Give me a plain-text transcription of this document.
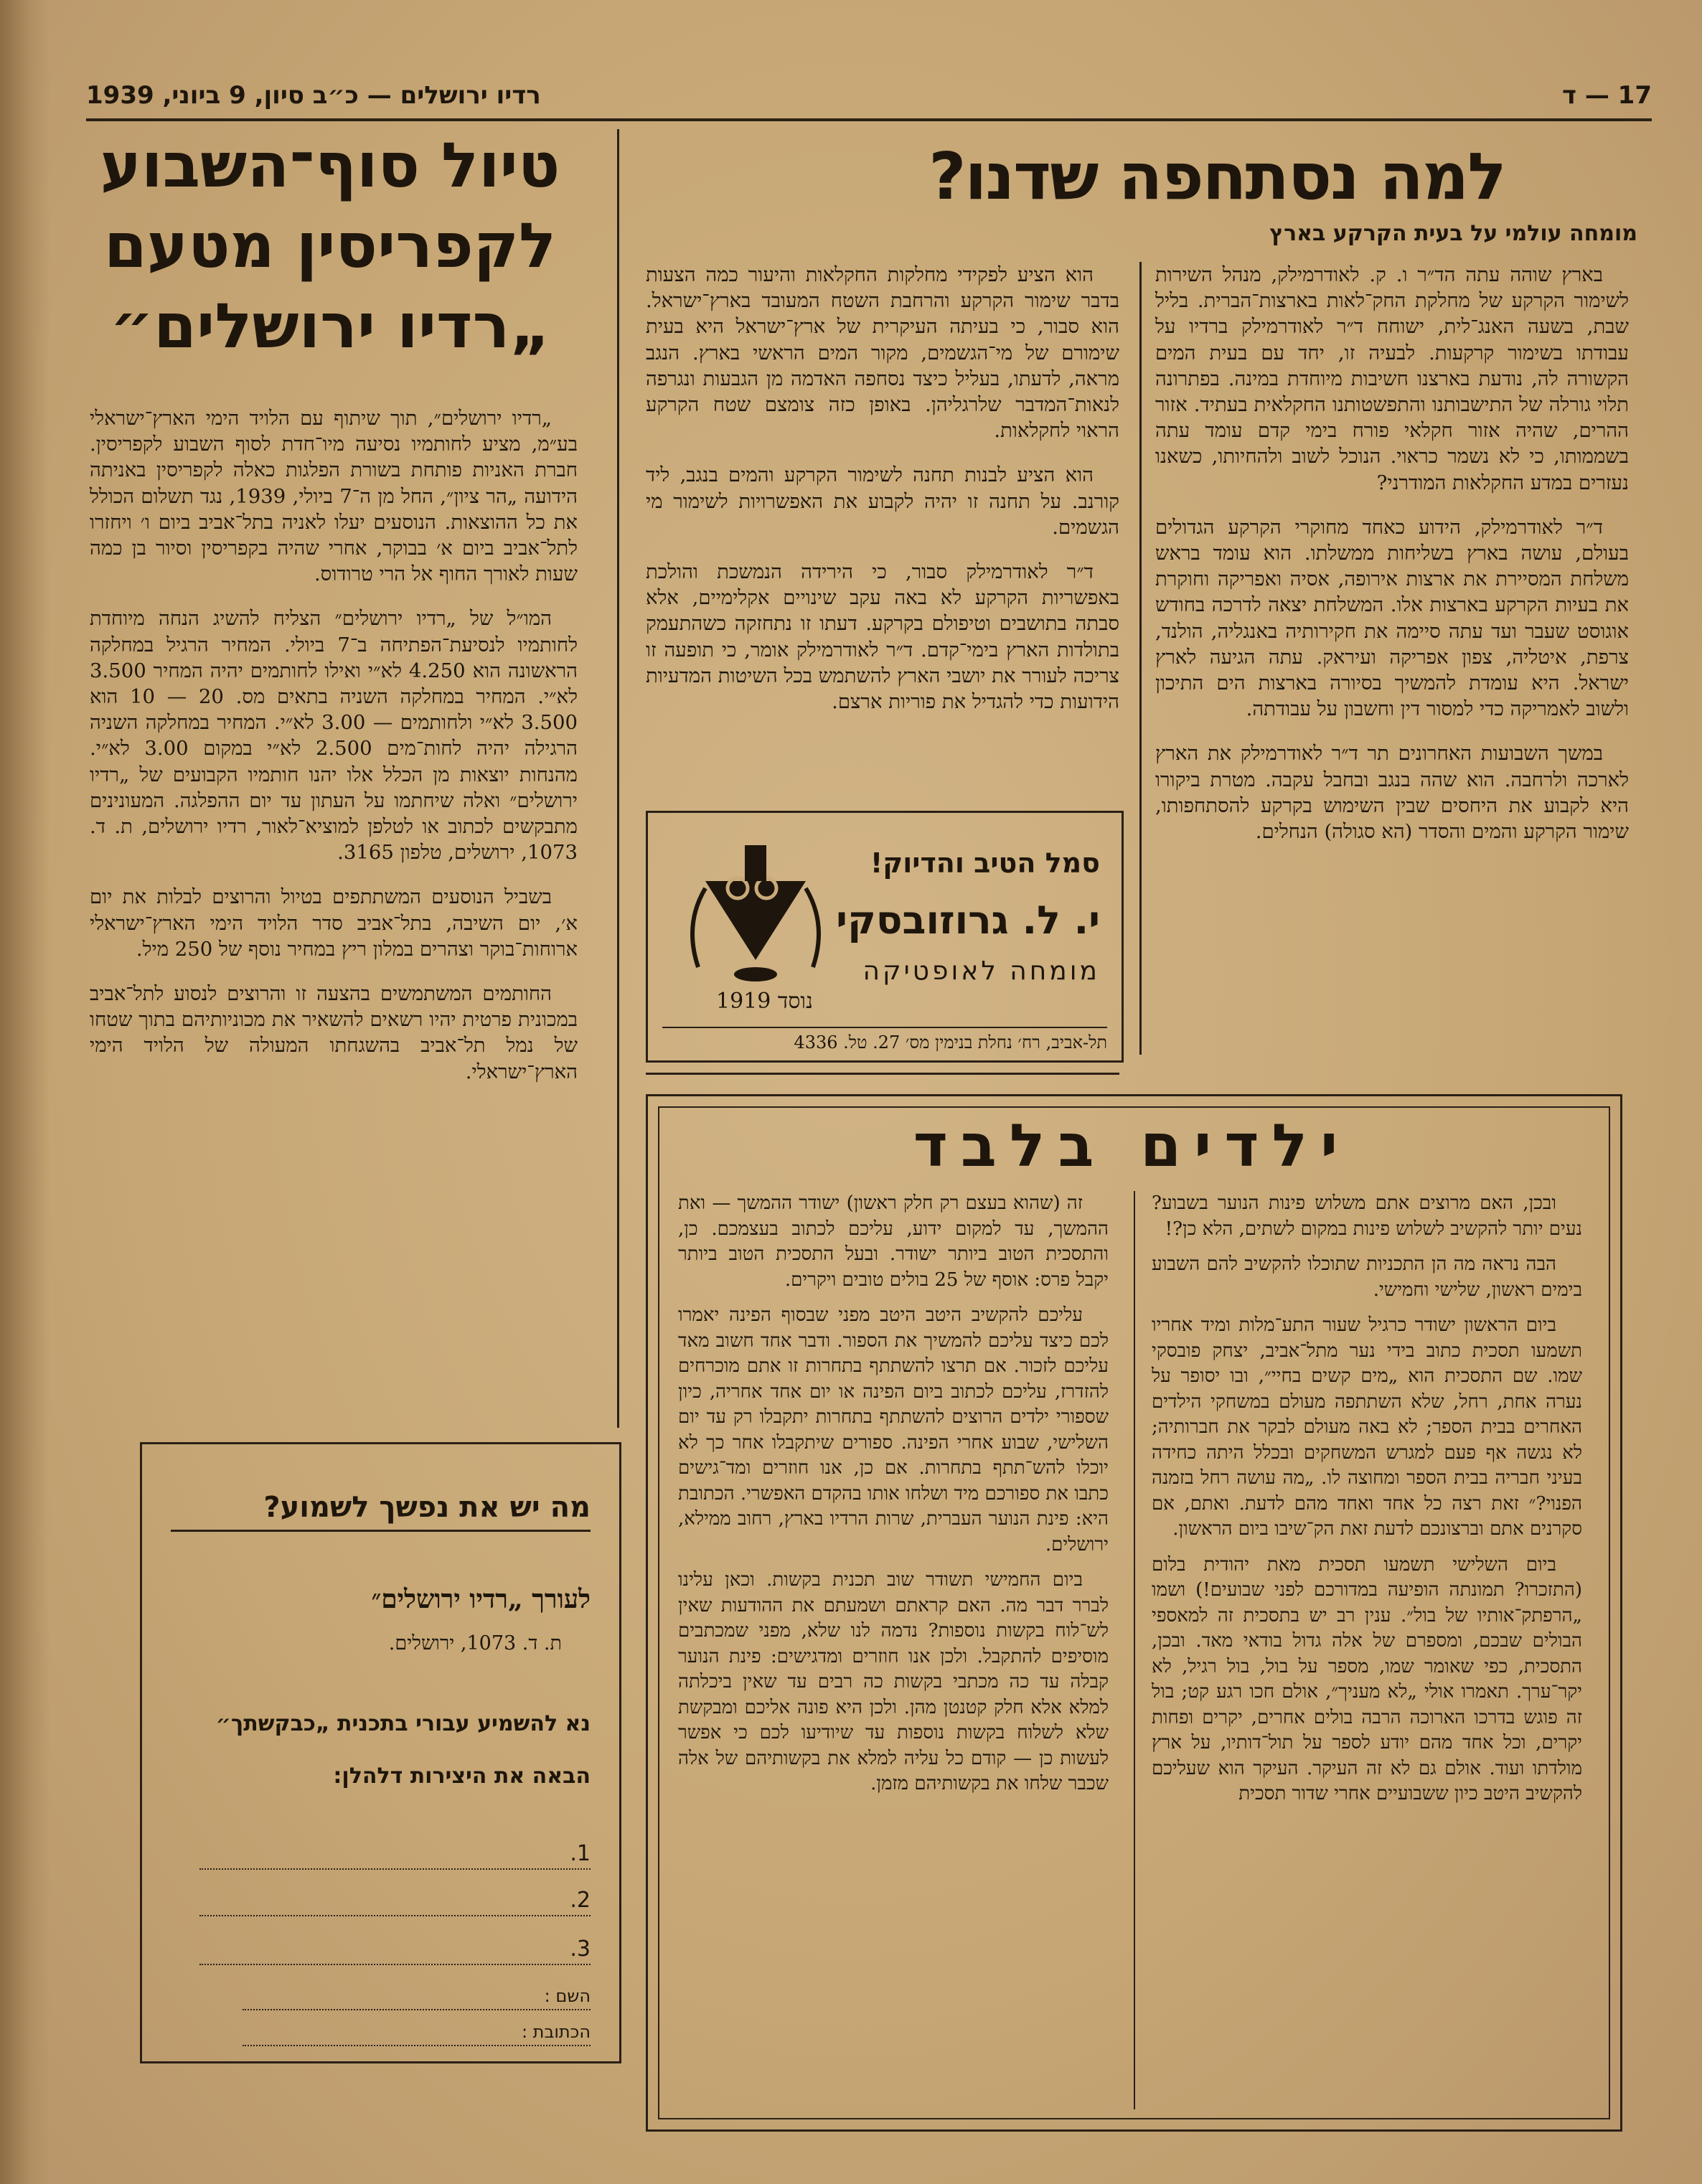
17 — ד
רדיו ירושלים — כ״ב סיון, 9 ביוני, 1939
למה נסתחפה שדנו?
מומחה עולמי על בעית הקרקע בארץ

בארץ שוהה עתה הד״ר ו. ק. לאודרמילק, מנהל השירות לשימור הקרקע של מחלקת החק־לאות בארצות־הברית. בליל שבת, בשעה האנג־לית, ישוחח ד״ר לאודרמילק ברדיו על עבודתו בשימור קרקעות. לבעיה זו, יחד עם בעית המים הקשורה לה, נודעת בארצנו חשיבות מיוחדת במינה. בפתרונה תלוי גורלה של התישבותנו והתפשטותנו החקלאית בעתיד. אזור ההרים, שהיה אזור חקלאי פורח בימי קדם עומד עתה בשממותו, כי לא נשמר כראוי. הנוכל לשוב ולהחיותו, כשאנו נעזרים במדע החקלאות המודרני?

ד״ר לאודרמילק, הידוע כאחד מחוקרי הקרקע הגדולים בעולם, עושה בארץ בשליחות ממשלתו. הוא עומד בראש משלחת המסיירת את ארצות אירופה, אסיה ואפריקה וחוקרת את בעיות הקרקע בארצות אלו. המשלחת יצאה לדרכה בחודש אוגוסט שעבר ועד עתה סיימה את חקירותיה באנגליה, הולנד, צרפת, איטליה, צפון אפריקה ועיראק. עתה הגיעה לארץ ישראל. היא עומדת להמשיך בסיורה בארצות הים התיכון ולשוב לאמריקה כדי למסור דין וחשבון על עבודתה.

במשך השבועות האחרונים תר ד״ר לאודרמילק את הארץ לארכה ולרחבה. הוא שהה בנגב ובחבל עקבה. מטרת ביקורו היא לקבוע את היחסים שבין השימוש בקרקע להסתחפותו, שימור הקרקע והמים והסדר (הא סגולה) הנחלים.

הוא הציע לפקידי מחלקות החקלאות והיעור כמה הצעות בדבר שימור הקרקע והרחבת השטח המעובד בארץ־ישראל. הוא סבור, כי בעיתה העיקרית של ארץ־ישראל היא בעית שימורם של מי־הגשמים, מקור המים הראשי בארץ. הנגב מראה, לדעתו, בעליל כיצד נסחפה האדמה מן הגבעות ונגרפה לנאות־המדבר שלרגליהן. באופן כזה צומצם שטח הקרקע הראוי לחקלאות.

הוא הציע לבנות תחנה לשימור הקרקע והמים בנגב, ליד קורנב. על תחנה זו יהיה לקבוע את האפשרויות לשימור מי הגשמים.

ד״ר לאודרמילק סבור, כי הירידה הנמשכת והולכת באפשריות הקרקע לא באה עקב שינויים אקלימיים, אלא סבתה בתושבים וטיפולם בקרקע. דעתו זו נתחזקה כשהתעמק בתולדות הארץ בימי־קדם. ד״ר לאודרמילק אומר, כי תופעה זו צריכה לעורר את יושבי הארץ להשתמש בכל השיטות המדעיות הידועות כדי להגדיל את פוריות ארצם.

סמל הטיב והדיוק!
י. ל. גרוזובסקי
מומחה לאופטיקה
נוסד 1919
תל-אביב, רח׳ נחלת בנימין מס׳ 27. טל. 4336
טיול סוף־השבוע לקפריסין מטעם „רדיו ירושלים״

„רדיו ירושלים״, תוך שיתוף עם הלויד הימי הארץ־ישראלי בע״מ, מציע לחותמיו נסיעה מיו־חדת לסוף השבוע לקפריסין. חברת האניות פותחת בשורת הפלגות כאלה לקפריסין באניתה הידועה „הר ציון״, החל מן ה־7 ביולי, 1939, נגד תשלום הכולל את כל ההוצאות. הנוסעים יעלו לאניה בתל־אביב ביום ו׳ ויחזרו לתל־אביב ביום א׳ בבוקר, אחרי שהיה בקפריסין וסיור בן כמה שעות לאורך החוף אל הרי טרודוס.

המו״ל של „רדיו ירושלים״ הצליח להשיג הנחה מיוחדת לחותמיו לנסיעת־הפתיחה ב־7 ביולי. המחיר הרגיל במחלקה הראשונה הוא 4.250 לא״י ואילו לחותמים יהיה המחיר 3.500 לא״י. המחיר במחלקה השניה בתאים מס. 20 — 10 הוא 3.500 לא״י ולחותמים — 3.00 לא״י. המחיר במחלקה השניה הרגילה יהיה לחות־מים 2.500 לא״י במקום 3.00 לא״י. מהנחות יוצאות מן הכלל אלו יהנו חותמיו הקבועים של „רדיו ירושלים״ ואלה שיחתמו על העתון עד יום ההפלגה. המעונינים מתבקשים לכתוב או לטלפן למוציא־לאור, רדיו ירושלים, ת. ד. 1073, ירושלים, טלפון 3165.

בשביל הנוסעים המשתתפים בטיול והרוצים לבלות את יום א׳, יום השיבה, בתל־אביב סדר הלויד הימי הארץ־ישראלי ארוחות־בוקר וצהרים במלון ריץ במחיר נוסף של 250 מיל.

החותמים המשתמשים בהצעה זו והרוצים לנסוע לתל־אביב במכונית פרטית יהיו רשאים להשאיר את מכוניותיהם בתוך שטחו של נמל תל־אביב בהשגחתו המעולה של הלויד הימי הארץ־ישראלי.

מה יש את נפשך לשמוע?
לעורך „רדיו ירושלים״
ת. ד. 1073, ירושלים.
נא להשמיע עבורי בתכנית „כבקשתך״
הבאה את היצירות דלהלן:
1.
2.
3.
השם :
הכתובת :
ילדים בלבד

ובכן, האם מרוצים אתם משלוש פינות הנוער בשבוע? נעים יותר להקשיב לשלוש פינות במקום לשתים, הלא כן?!

הבה נראה מה הן התכניות שתוכלו להקשיב להם השבוע בימים ראשון, שלישי וחמישי.

ביום הראשון ישודר כרגיל שעור התע־מלות ומיד אחריו תשמעו תסכית כתוב בידי נער מתל־אביב, יצחק פובסקי שמו. שם התסכית הוא „מים קשים בחיי״, ובו יסופר על נערה אחת, רחל, שלא השתתפה מעולם במשחקי הילדים האחרים בבית הספר; לא באה מעולם לבקר את חברותיה; לא נגשה אף פעם למגרש המשחקים ובכלל היתה כחידה בעיני חבריה בבית הספר ומחוצה לו. „מה עושה רחל בזמנה הפנוי?״ זאת רצה כל אחד ואחד מהם לדעת. ואתם, אם סקרנים אתם וברצונכם לדעת זאת הק־שיבו ביום הראשון.

ביום השלישי תשמעו תסכית מאת יהודית בלום (התזכרו? תמונתה הופיעה במדורכם לפני שבועים!) ושמו „הרפתק־אותיו של בול״. ענין רב יש בתסכית זה למאספי הבולים שבכם, ומספרם של אלה גדול בודאי מאד. ובכן, התסכית, כפי שאומר שמו, מספר על בול, בול רגיל, לא יקר־ערך. תאמרו אולי „לא מעניך״, אולם חכו רגע קט; בול זה פוגש בדרכו הארוכה הרבה בולים אחרים, יקרים ופחות יקרים, וכל אחד מהם יודע לספר על תול־דותיו, על ארץ מולדתו ועוד. אולם גם לא זה העיקר. העיקר הוא שעליכם להקשיב היטב כיון ששבועיים אחרי שדור תסכית

זה (שהוא בעצם רק חלק ראשון) ישודר ההמשך — ואת ההמשך, עד למקום ידוע, עליכם לכתוב בעצמכם. כן, והתסכית הטוב ביותר ישודר. ובעל התסכית הטוב ביותר יקבל פרס: אוסף של 25 בולים טובים ויקרים.

עליכם להקשיב היטב היטב מפני שבסוף הפינה יאמרו לכם כיצד עליכם להמשיך את הספור. ודבר אחד חשוב מאד עליכם לזכור. אם תרצו להשתתף בתחרות זו אתם מוכרחים להזדרז, עליכם לכתוב ביום הפינה או יום אחד אחריה, כיון שספורי ילדים הרוצים להשתתף בתחרות יתקבלו רק עד יום השלישי, שבוע אחרי הפינה. ספורים שיתקבלו אחר כך לא יוכלו להש־תתף בתחרות. אם כן, אנו חוזרים ומד־גישים כתבו את ספורכם מיד ושלחו אותו בהקדם האפשרי. הכתובת היא: פינת הנוער העברית, שרות הרדיו בארץ, רחוב ממילא, ירושלים.

ביום החמישי תשודר שוב תכנית בקשות. וכאן עלינו לברר דבר מה. האם קראתם ושמעתם את ההודעות שאין לש־לוח בקשות נוספות? נדמה לנו שלא, מפני שמכתבים מוסיפים להתקבל. ולכן אנו חוזרים ומדגישים: פינת הנוער קבלה עד כה מכתבי בקשות כה רבים עד שאין ביכלתה למלא אלא חלק קטנטן מהן. ולכן היא פונה אליכם ומבקשת שלא לשלוח בקשות נוספות עד שיודיעו לכם כי אפשר לעשות כן — קודם כל עליה למלא את בקשותיהם של אלה שכבר שלחו את בקשותיהם מזמן.
